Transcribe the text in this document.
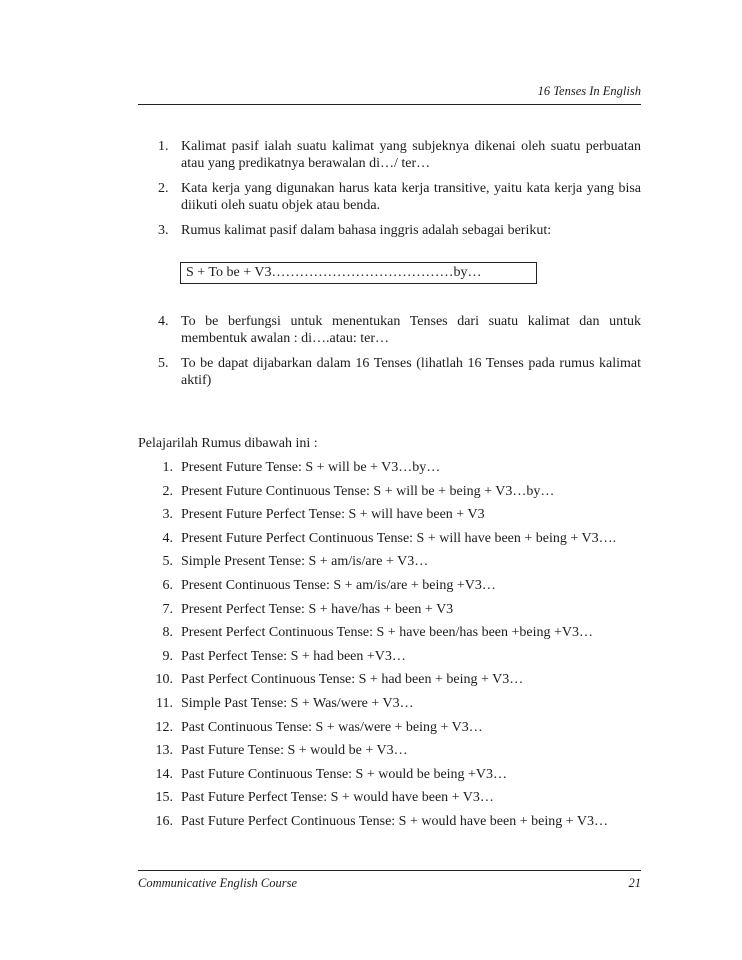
16 Tenses In English
1. Kalimat pasif ialah suatu kalimat yang subjeknya dikenai oleh suatu perbuatan atau yang predikatnya berawalan di…/ ter…
2. Kata kerja yang digunakan harus kata kerja transitive, yaitu kata kerja yang bisa diikuti oleh suatu objek atau benda.
3. Rumus kalimat pasif dalam bahasa inggris adalah sebagai berikut:
S + To be + V3…………………………………by…
4. To be berfungsi untuk menentukan Tenses dari suatu kalimat dan untuk membentuk awalan : di….atau: ter…
5. To be dapat dijabarkan dalam 16 Tenses (lihatlah 16 Tenses pada rumus kalimat aktif)
Pelajarilah Rumus dibawah ini :
1. Present Future Tense: S + will be + V3…by…
2. Present Future Continuous Tense: S + will be + being + V3…by…
3. Present Future Perfect Tense: S + will have been + V3
4. Present Future Perfect Continuous Tense: S + will have been + being + V3….
5. Simple Present Tense: S + am/is/are + V3…
6. Present Continuous Tense: S + am/is/are + being +V3…
7. Present Perfect Tense: S + have/has + been + V3
8. Present Perfect Continuous Tense: S + have been/has been +being +V3…
9. Past Perfect Tense: S + had been +V3…
10. Past Perfect Continuous Tense: S + had been + being + V3…
11. Simple Past Tense: S + Was/were + V3…
12. Past Continuous Tense: S + was/were + being + V3…
13. Past Future Tense: S + would be + V3…
14. Past Future Continuous Tense: S + would be being +V3…
15. Past Future Perfect Tense: S + would have been + V3…
16. Past Future Perfect Continuous Tense: S + would have been + being + V3…
Communicative English Course	21
